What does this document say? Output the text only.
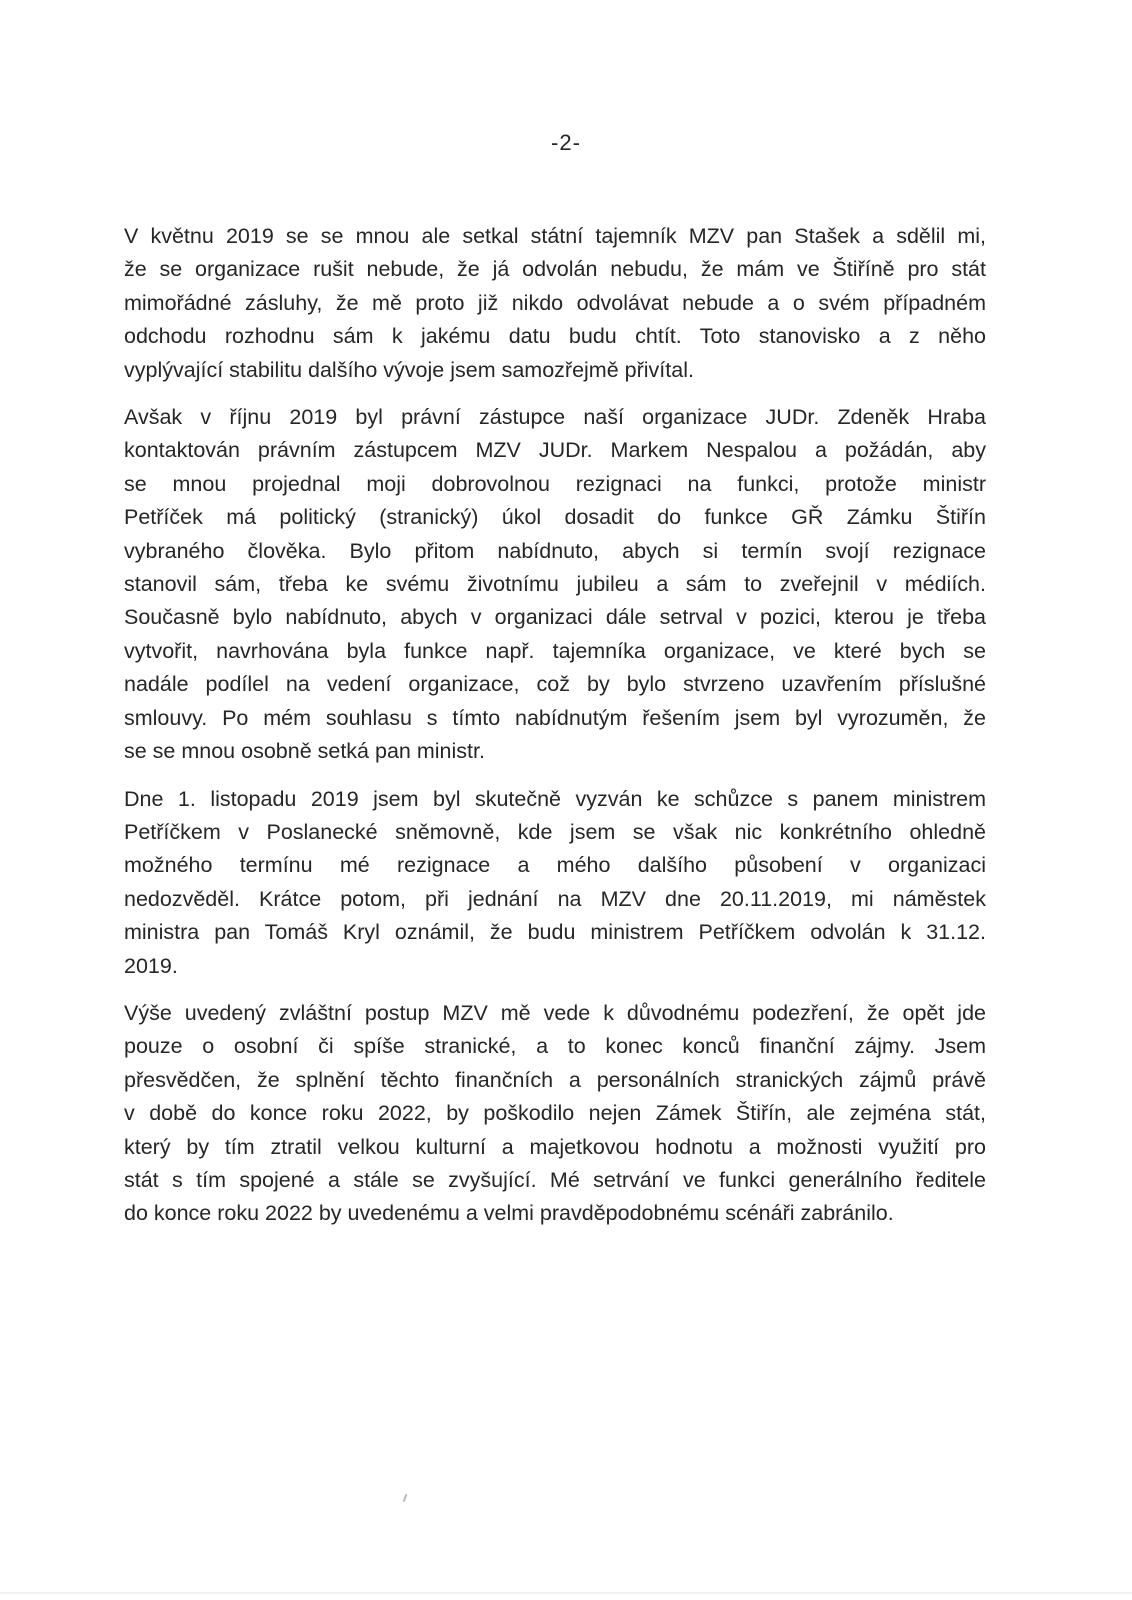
-2-

V květnu 2019 se se mnou ale setkal státní tajemník MZV pan Stašek a sdělil mi,
že se organizace rušit nebude, že já odvolán nebudu, že mám ve Štiříně pro stát
mimořádné zásluhy, že mě proto již nikdo odvolávat nebude a o svém případném
odchodu rozhodnu sám k jakému datu budu chtít. Toto stanovisko a z něho
vyplývající stabilitu dalšího vývoje jsem samozřejmě přivítal.

Avšak v říjnu 2019 byl právní zástupce naší organizace JUDr. Zdeněk Hraba
kontaktován právním zástupcem MZV JUDr. Markem Nespalou a požádán, aby
se mnou projednal moji dobrovolnou rezignaci na funkci, protože ministr
Petříček má politický (stranický) úkol dosadit do funkce GŘ Zámku Štiřín
vybraného člověka. Bylo přitom nabídnuto, abych si termín svojí rezignace
stanovil sám, třeba ke svému životnímu jubileu a sám to zveřejnil v médiích.
Současně bylo nabídnuto, abych v organizaci dále setrval v pozici, kterou je třeba
vytvořit, navrhována byla funkce např. tajemníka organizace, ve které bych se
nadále podílel na vedení organizace, což by bylo stvrzeno uzavřením příslušné
smlouvy. Po mém souhlasu s tímto nabídnutým řešením jsem byl vyrozuměn, že
se se mnou osobně setká pan ministr.

Dne 1. listopadu 2019 jsem byl skutečně vyzván ke schůzce s panem ministrem
Petříčkem v Poslanecké sněmovně, kde jsem se však nic konkrétního ohledně
možného termínu mé rezignace a mého dalšího působení v organizaci
nedozvěděl. Krátce potom, při jednání na MZV dne 20.11.2019, mi náměstek
ministra pan Tomáš Kryl oznámil, že budu ministrem Petříčkem odvolán k 31.12.
2019.

Výše uvedený zvláštní postup MZV mě vede k důvodnému podezření, že opět jde
pouze o osobní či spíše stranické, a to konec konců finanční zájmy. Jsem
přesvědčen, že splnění těchto finančních a personálních stranických zájmů právě
v době do konce roku 2022, by poškodilo nejen Zámek Štiřín, ale zejména stát,
který by tím ztratil velkou kulturní a majetkovou hodnotu a možnosti využití pro
stát s tím spojené a stále se zvyšující. Mé setrvání ve funkci generálního ředitele
do konce roku 2022 by uvedenému a velmi pravděpodobnému scénáři zabránilo.
